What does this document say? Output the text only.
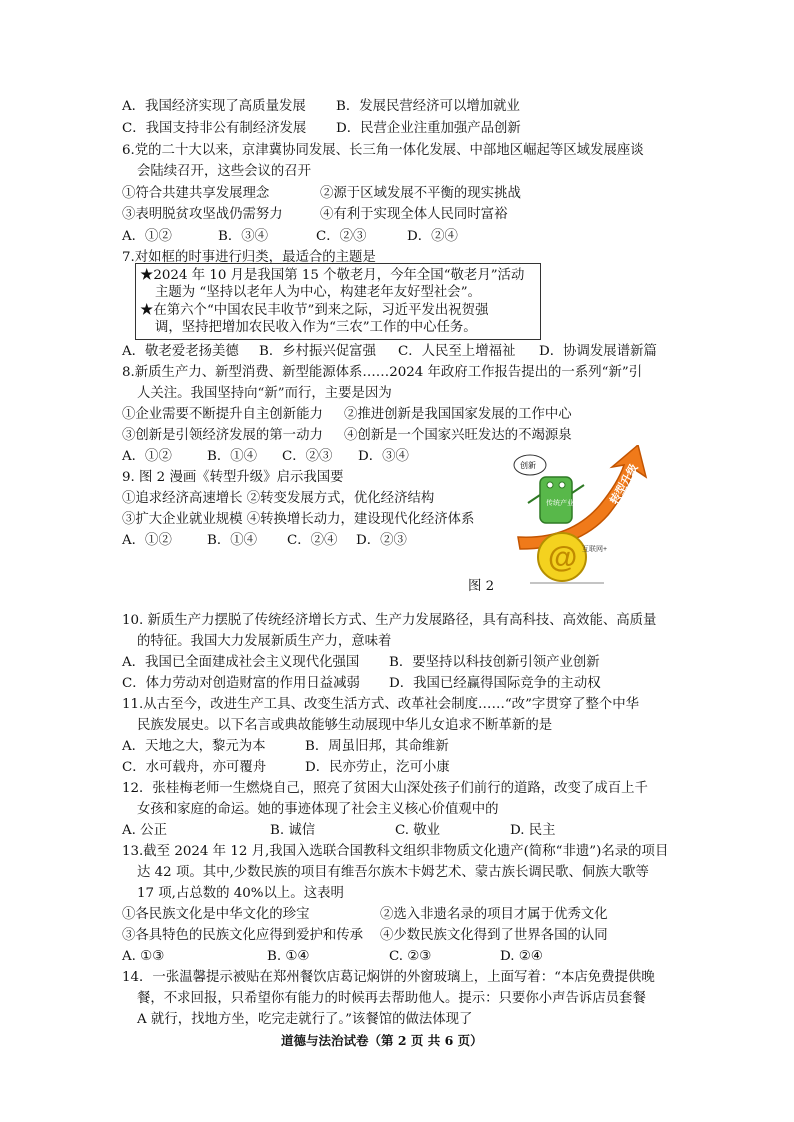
A．我国经济实现了高质量发展 B．发展民营经济可以增加就业
C．我国支持非公有制经济发展 D．民营企业注重加强产品创新
6.党的二十大以来，京津冀协同发展、长三角一体化发展、中部地区崛起等区域发展座谈
会陆续召开，这些会议的召开
①符合共建共享发展理念	②源于区域发展不平衡的现实挑战
③表明脱贫攻坚战仍需努力	④有利于实现全体人民同时富裕
A．①②	B．③④	C．②③	D．②④
7.对如框的时事进行归类，最适合的主题是
★2024 年 10 月是我国第 15 个敬老月，今年全国“敬老月”活动
主题为 “坚持以老年人为中心，构建老年友好型社会”。
★在第六个“中国农民丰收节”到来之际，习近平发出祝贺强
调，坚持把增加农民收入作为“三农”工作的中心任务。
A．敬老爱老扬美德 B．乡村振兴促富强 C．人民至上增福祉 D．协调发展谱新篇
8.新质生产力、新型消费、新型能源体系……2024 年政府工作报告提出的一系列“新”引
人关注。我国坚持向“新”而行，主要是因为
①企业需要不断提升自主创新能力 ②推进创新是我国国家发展的工作中心
③创新是引领经济发展的第一动力 ④创新是一个国家兴旺发达的不竭源泉
A．①②	B．①④ C．②③ D．③④
9. 图 2 漫画《转型升级》启示我国要
①追求经济高速增长 ②转变发展方式，优化经济结构
③扩大企业就业规模 ④转换增长动力，建设现代化经济体系
A．①②	B．①④ C．②④ D．②③
转型升级
传统产业
创新
@ 互联网+
图 2
10. 新质生产力摆脱了传统经济增长方式、生产力发展路径，具有高科技、高效能、高质量
的特征。我国大力发展新质生产力，意味着
A．我国已全面建成社会主义现代化强国 B．要坚持以科技创新引领产业创新
C．体力劳动对创造财富的作用日益减弱 D．我国已经赢得国际竞争的主动权
11.从古至今，改进生产工具、改变生活方式、改革社会制度……“改”字贯穿了整个中华
民族发展史。以下名言或典故能够生动展现中华儿女追求不断革新的是
A．天地之大，黎元为本	B．周虽旧邦，其命维新
C．水可载舟，亦可覆舟	D．民亦劳止，汔可小康
12．张桂梅老师一生燃烧自己，照亮了贫困大山深处孩子们前行的道路，改变了成百上千
女孩和家庭的命运。她的事迹体现了社会主义核心价值观中的
A. 公正	B. 诚信	C. 敬业	D. 民主
13.截至 2024 年 12 月,我国入选联合国教科文组织非物质文化遗产(简称“非遗”)名录的项目
达 42 项。其中,少数民族的项目有维吾尔族木卡姆艺术、蒙古族长调民歌、侗族大歌等
17 项,占总数的 40%以上。这表明
①各民族文化是中华文化的珍宝	②选入非遗名录的项目才属于优秀文化
③各具特色的民族文化应得到爱护和传承 ④少数民族文化得到了世界各国的认同
A. ①③	B. ①④	C. ②③	D. ②④
14．一张温馨提示被贴在郑州餐饮店葛记焖饼的外窗玻璃上，上面写着：“本店免费提供晚
餐，不求回报，只希望你有能力的时候再去帮助他人。提示：只要你小声告诉店员套餐
A 就行，找地方坐，吃完走就行了。”该餐馆的做法体现了
道德与法治试卷（第 2 页 共 6 页）
